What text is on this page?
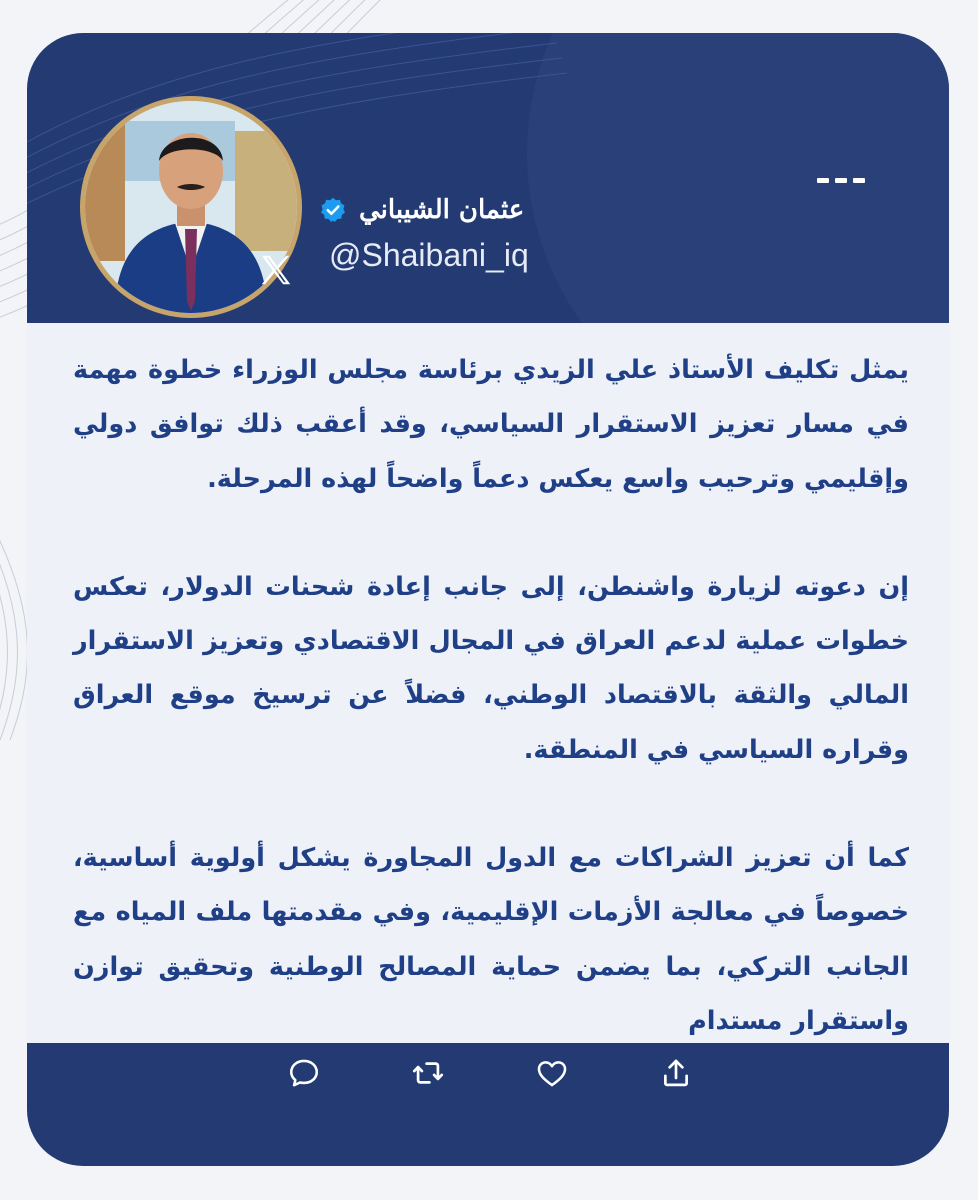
عثمان الشيباني
@Shaibani_iq

يمثل تكليف الأستاذ علي الزيدي برئاسة مجلس الوزراء خطوة مهمة في مسار تعزيز الاستقرار السياسي، وقد أعقب ذلك توافق دولي وإقليمي وترحيب واسع يعكس دعماً واضحاً لهذه المرحلة.

إن دعوته لزيارة واشنطن، إلى جانب إعادة شحنات الدولار، تعكس خطوات عملية لدعم العراق في المجال الاقتصادي وتعزيز الاستقرار المالي والثقة بالاقتصاد الوطني، فضلاً عن ترسيخ موقع العراق وقراره السياسي في المنطقة.

كما أن تعزيز الشراكات مع الدول المجاورة يشكل أولوية أساسية، خصوصاً في معالجة الأزمات الإقليمية، وفي مقدمتها ملف المياه مع الجانب التركي، بما يضمن حماية المصالح الوطنية وتحقيق توازن واستقرار مستدام
